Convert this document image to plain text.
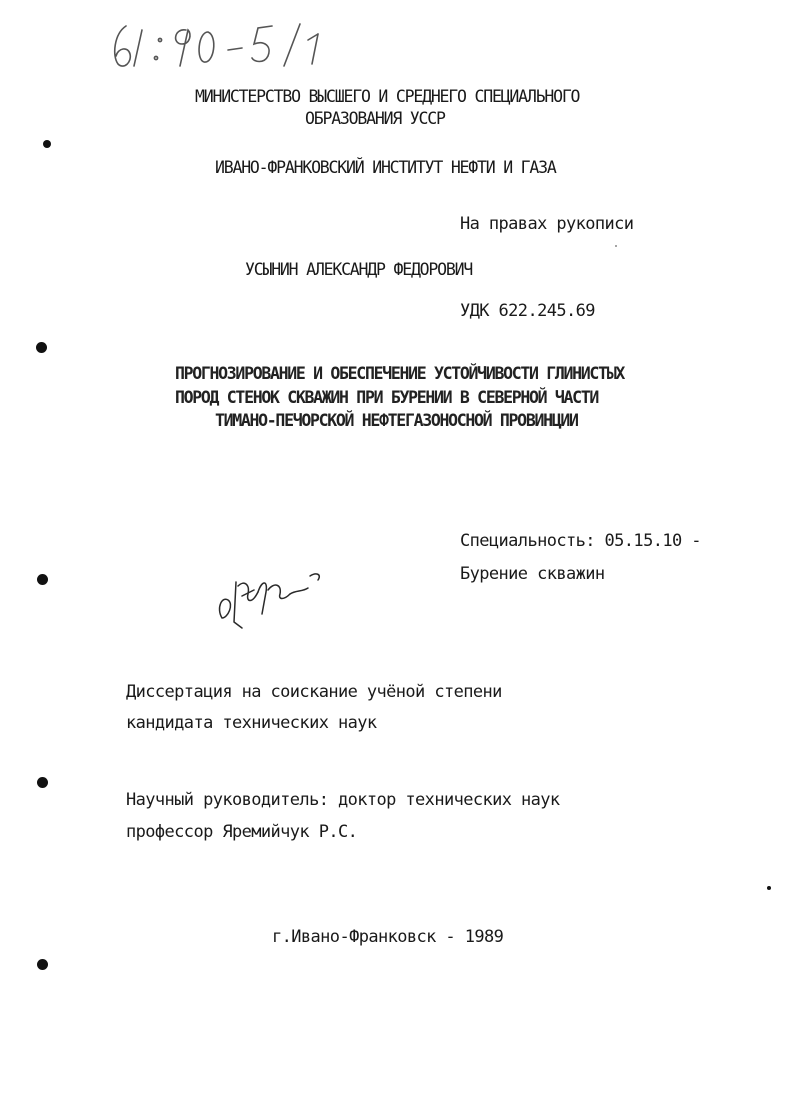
МИНИСТЕРСТВО ВЫСШЕГО И СРЕДНЕГО СПЕЦИАЛЬНОГО
ОБРАЗОВАНИЯ УССР
ИВАНО-ФРАНКОВСКИЙ ИНСТИТУТ НЕФТИ И ГАЗА
На правах рукописи
УСЫНИН АЛЕКСАНДР ФЕДОРОВИЧ
УДК 622.245.69
ПРОГНОЗИРОВАНИЕ И ОБЕСПЕЧЕНИЕ УСТОЙЧИВОСТИ ГЛИНИСТЫХ
ПОРОД СТЕНОК СКВАЖИН ПРИ БУРЕНИИ В СЕВЕРНОЙ ЧАСТИ
ТИМАНО-ПЕЧОРСКОЙ НЕФТЕГАЗОНОСНОЙ ПРОВИНЦИИ
Специальность: 05.15.10 -
Бурение скважин
Диссертация на соискание учёной степени
кандидата технических наук
Научный руководитель: доктор технических наук
профессор Яремийчук Р.С.
г.Ивано-Франковск - 1989
